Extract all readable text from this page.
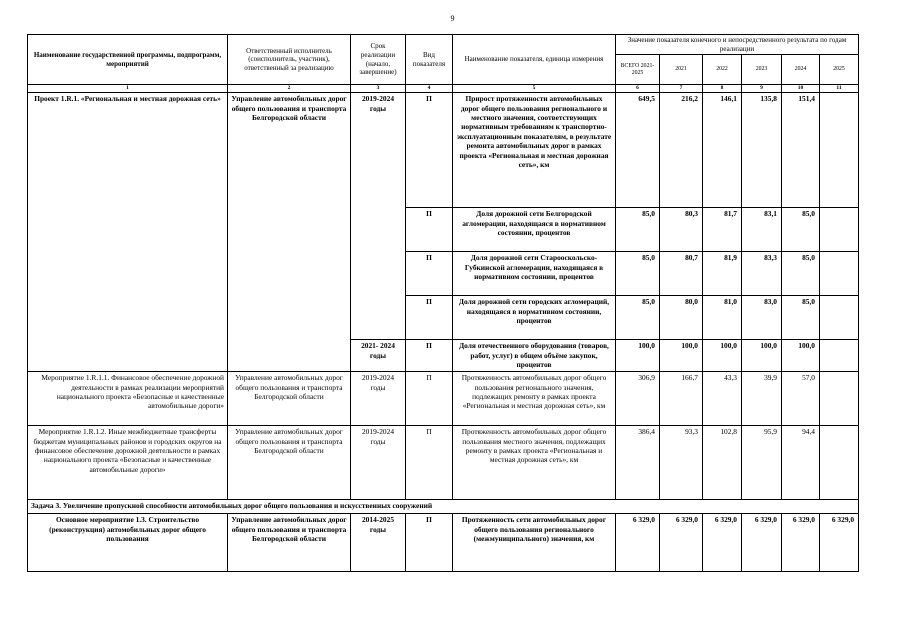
9
Наименование государственной программы, подпрограмм, мероприятий	Ответственный исполнитель (соисполнитель, участник), ответственный за реализацию	Срок реализации (начало, завершение)	Вид показателя	Наименование показателя, единица измерения	Значение показателя конечного и непосредственного результата по годам реализации					
					ВСЕГО 2021-2025	2021	2022	2023	2024	2025
1	2	3	4	5	6	7	8	9	10	11
Проект 1.R.1. «Региональная и местная дорожная сеть»	Управление автомобильных дорог общего пользования и транспорта Белгородской области	2019-2024 годы	П	Прирост протяженности автомобильных дорог общего пользования регионального и местного значения, соответствующих нормативным требованиям к транспортно-эксплуатационным показателям, в результате ремонта автомобильных дорог в рамках проекта «Региональная и местная дорожная сеть», км	649,5	216,2	146,1	135,8	151,4	
			П	Доля дорожной сети Белгородской агломерации, находящаяся в нормативном состоянии, процентов	85,0	80,3	81,7	83,1	85,0	
			П	Доля дорожной сети Старооскольско-Губкинской агломерации, находящаяся в нормативном состоянии, процентов	85,0	80,7	81,9	83,3	85,0	
			П	Доля дорожной сети городских агломераций, находящаяся в нормативном состоянии, процентов	85,0	80,0	81,0	83,0	85,0	
		2021- 2024 годы	П	Доля отечественного оборудования (товаров, работ, услуг) в общем объёме закупок, процентов	100,0	100,0	100,0	100,0	100,0	
Мероприятие 1.R.1.1. Финансовое обеспечение дорожной деятельности в рамках реализации мероприятий национального проекта «Безопасные и качественные автомобильные дороги»	Управление автомобильных дорог общего пользования и транспорта Белгородской области	2019-2024 годы	П	Протяженность автомобильных дорог общего пользования регионального значения, подлежащих ремонту в рамках проекта «Региональная и местная дорожная сеть», км	306,9	166,7	43,3	39,9	57,0	
Мероприятие 1.R.1.2. Иные межбюджетные трансферты бюджетам муниципальных районов и городских округов на финансовое обеспечение дорожной деятельности в рамках национального проекта «Безопасные и качественные автомобильные дороги»	Управление автомобильных дорог общего пользования и транспорта Белгородской области	2019-2024 годы	П	Протяженность автомобильных дорог общего пользования местного значения, подлежащих ремонту в рамках проекта «Региональная и местная дорожная сеть», км	386,4	93,3	102,8	95,9	94,4	
Задача 3. Увеличение пропускной способности автомобильных дорог общего пользования и искусственных сооружений										
Основное мероприятие 1.3. Строительство (реконструкция) автомобильных дорог общего пользования	Управление автомобильных дорог общего пользования и транспорта Белгородской области	2014-2025 годы	П	Протяженность сети автомобильных дорог общего пользования регионального (межмуниципального) значения, км	6 329,0	6 329,0	6 329,0	6 329,0	6 329,0	6 329,0
